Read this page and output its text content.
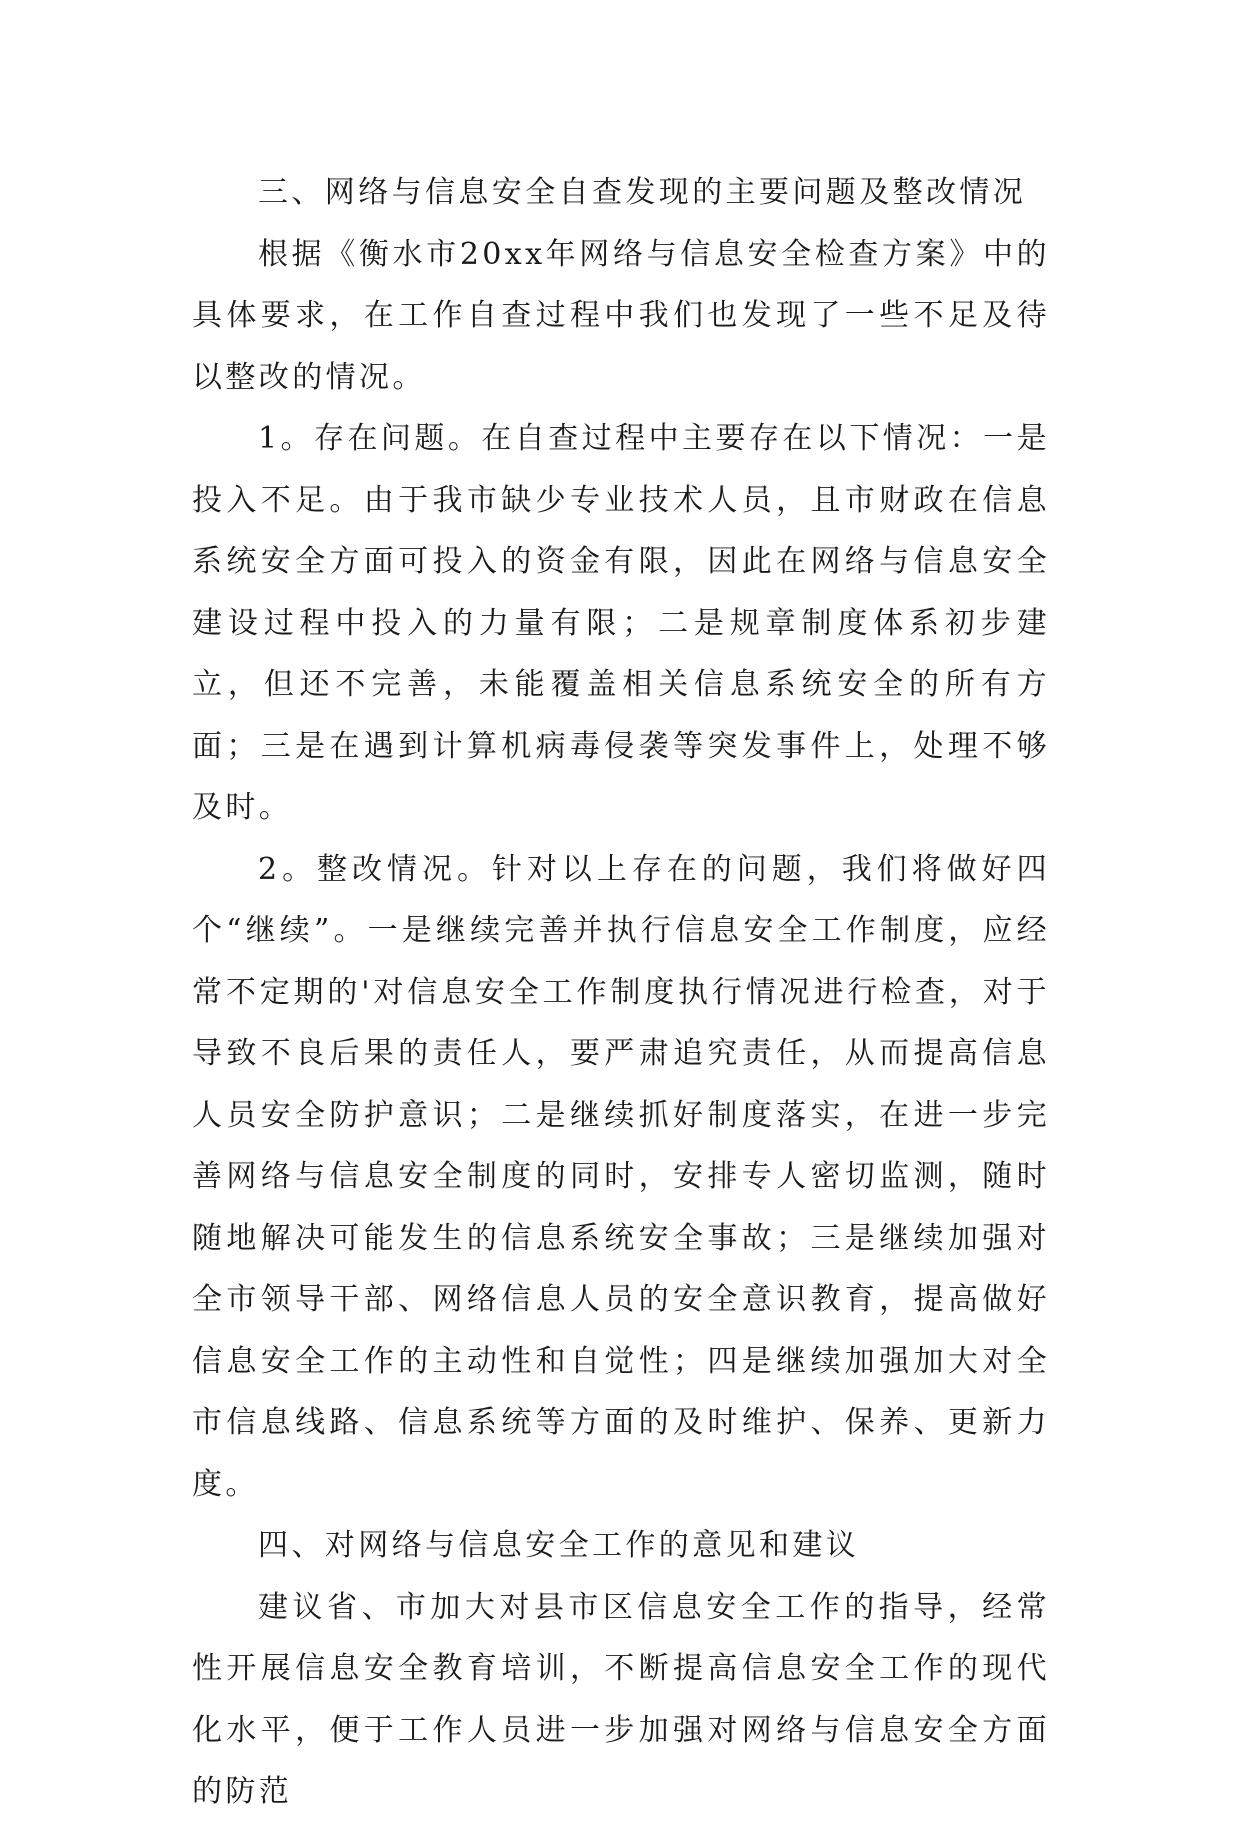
三、网络与信息安全自查发现的主要问题及整改情况

根据《衡水市20xx年网络与信息安全检查方案》中的具体要求，在工作自查过程中我们也发现了一些不足及待以整改的情况。

1。存在问题。在自查过程中主要存在以下情况：一是投入不足。由于我市缺少专业技术人员，且市财政在信息系统安全方面可投入的资金有限，因此在网络与信息安全建设过程中投入的力量有限；二是规章制度体系初步建立，但还不完善，未能覆盖相关信息系统安全的所有方面；三是在遇到计算机病毒侵袭等突发事件上，处理不够及时。

2。整改情况。针对以上存在的问题，我们将做好四个“继续”。一是继续完善并执行信息安全工作制度，应经常不定期的'对信息安全工作制度执行情况进行检查，对于导致不良后果的责任人，要严肃追究责任，从而提高信息人员安全防护意识；二是继续抓好制度落实，在进一步完善网络与信息安全制度的同时，安排专人密切监测，随时随地解决可能发生的信息系统安全事故；三是继续加强对全市领导干部、网络信息人员的安全意识教育，提高做好信息安全工作的主动性和自觉性；四是继续加强加大对全市信息线路、信息系统等方面的及时维护、保养、更新力度。

四、对网络与信息安全工作的意见和建议

建议省、市加大对县市区信息安全工作的指导，经常性开展信息安全教育培训，不断提高信息安全工作的现代化水平，便于工作人员进一步加强对网络与信息安全方面的防范
